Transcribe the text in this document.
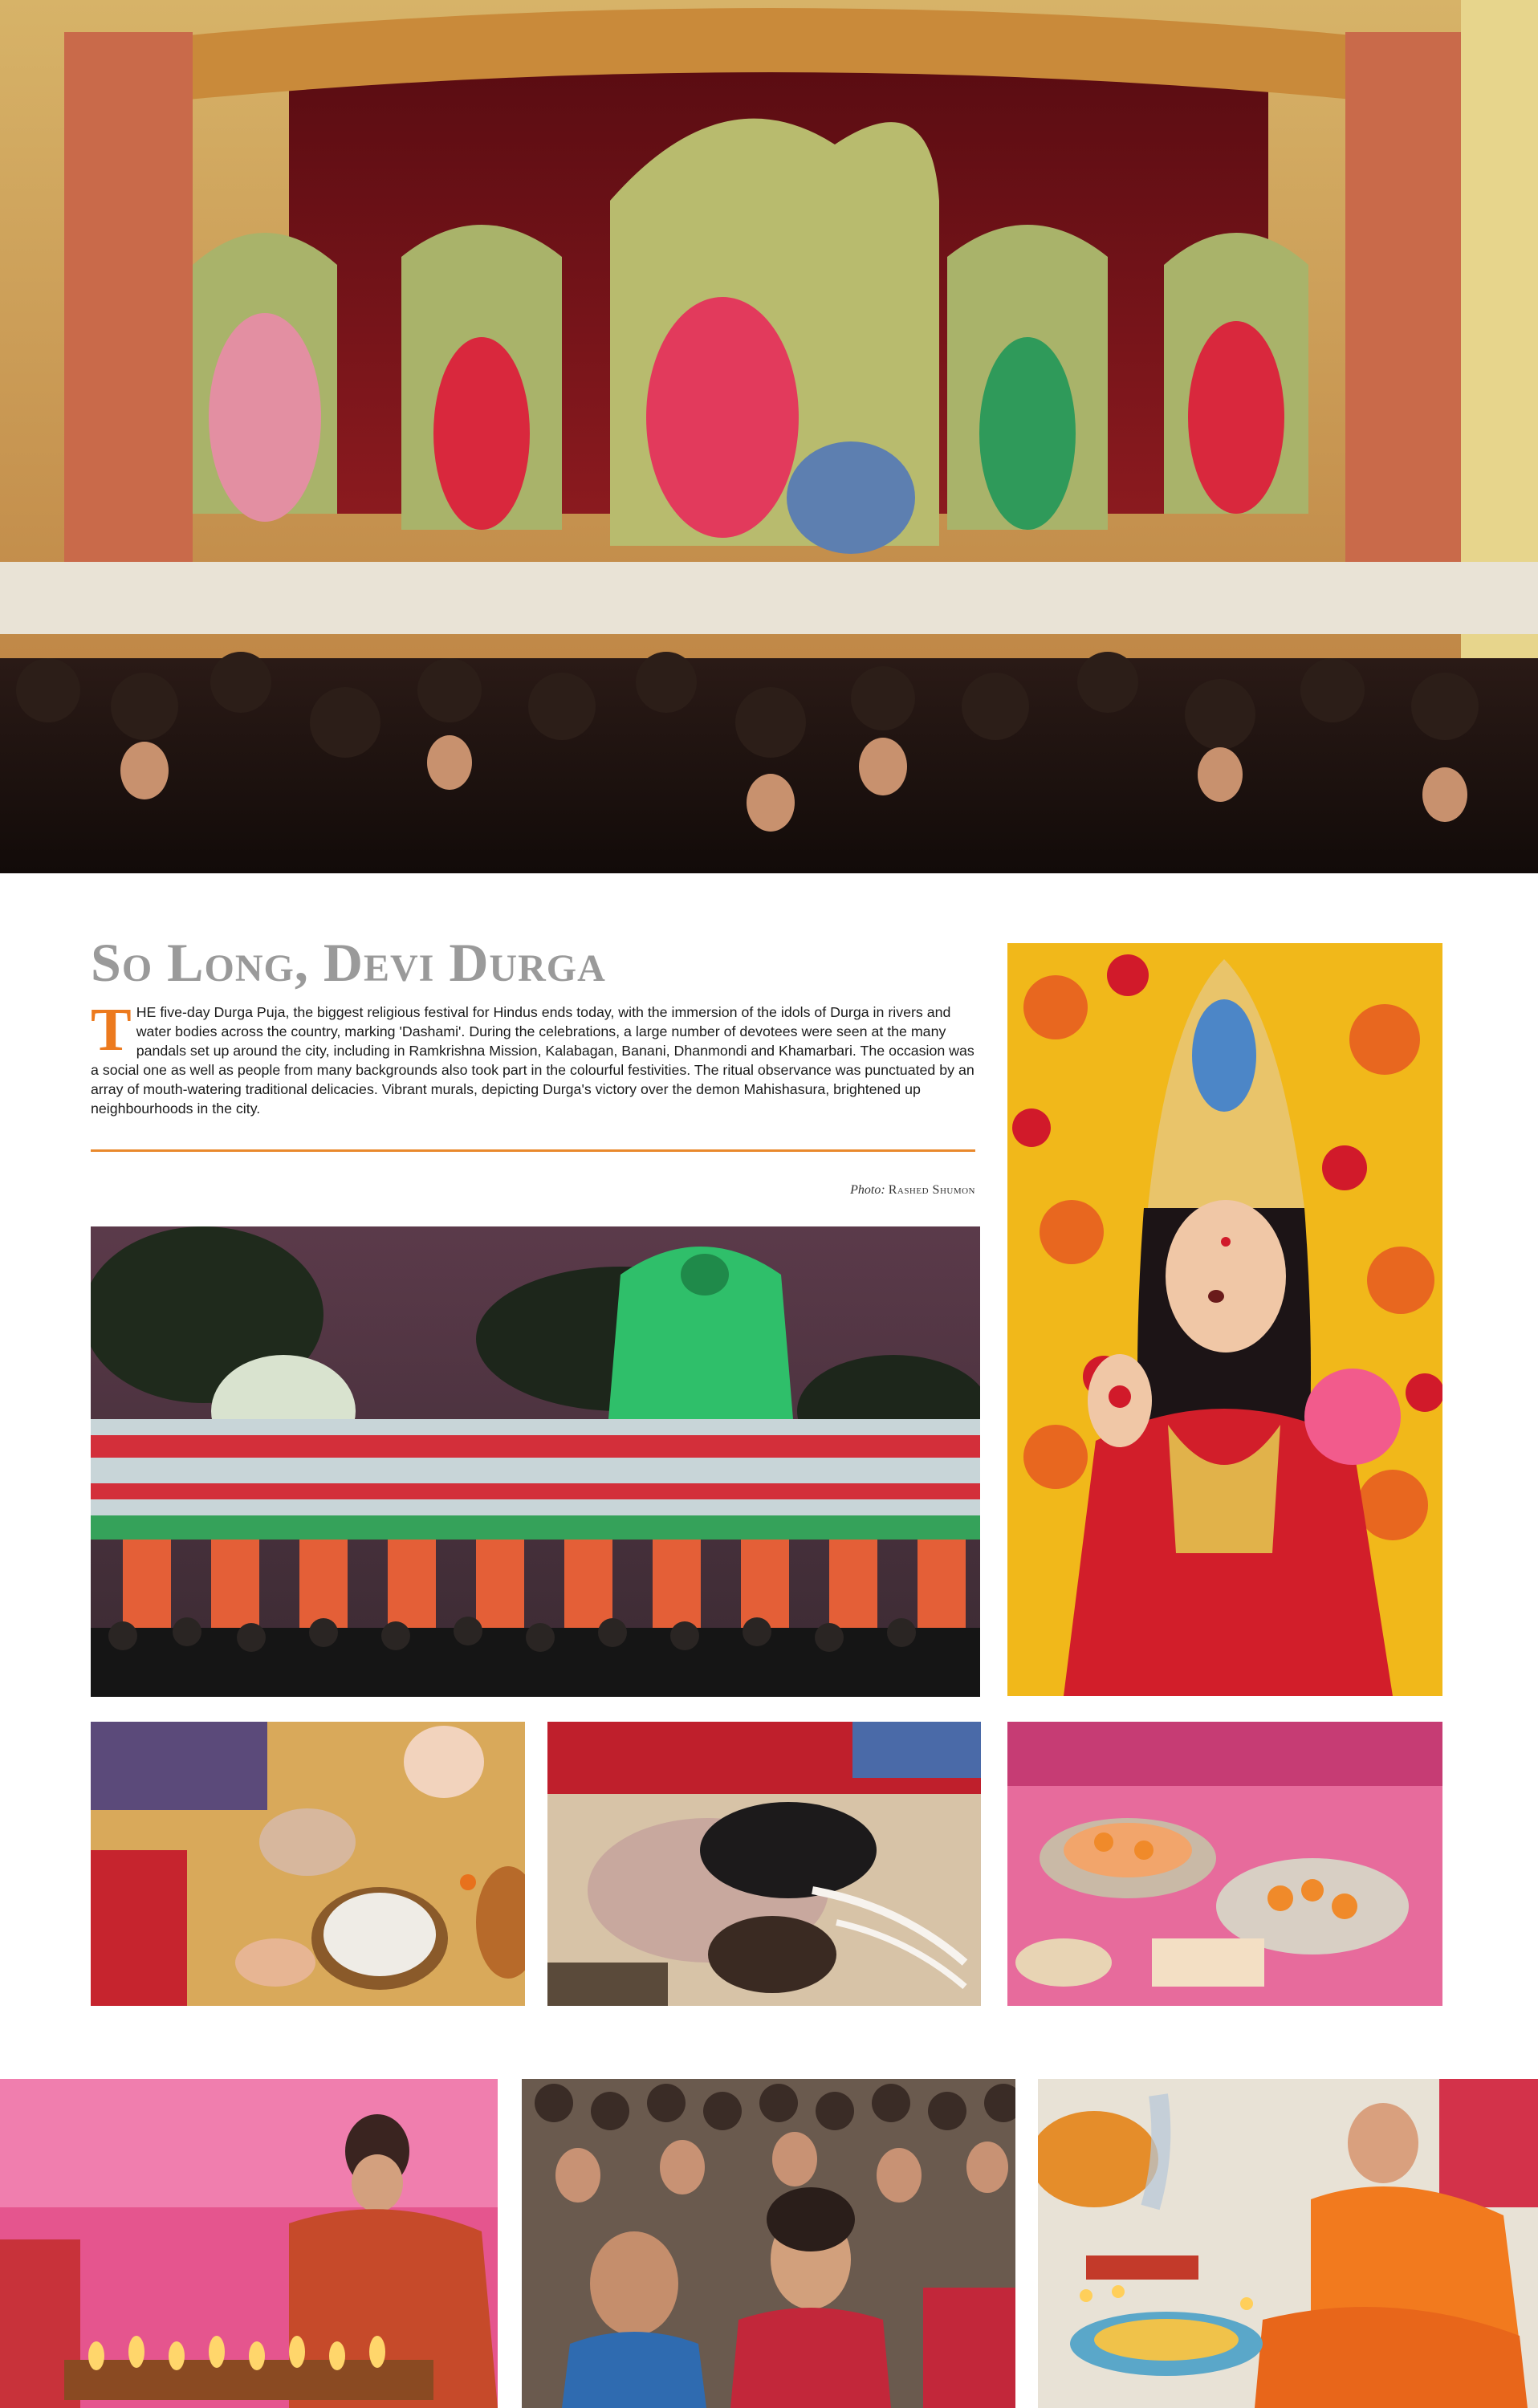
So Long, Devi Durga

THE five-day Durga Puja, the biggest religious festival for Hindus ends today, with the immersion of the idols of Durga in rivers and water bodies across the country, marking 'Dashami'. During the celebrations, a large number of devotees were seen at the many pandals set up around the city, including in Ramkrishna Mission, Kalabagan, Banani, Dhanmondi and Khamarbari. The occasion was a social one as well as people from many backgrounds also took part in the colourful festivities. The ritual observance was punctuated by an array of mouth-watering traditional delicacies. Vibrant murals, depicting Durga's victory over the demon Mahishasura, brightened up neighbourhoods in the city.

Photo: Rashed Shumon
